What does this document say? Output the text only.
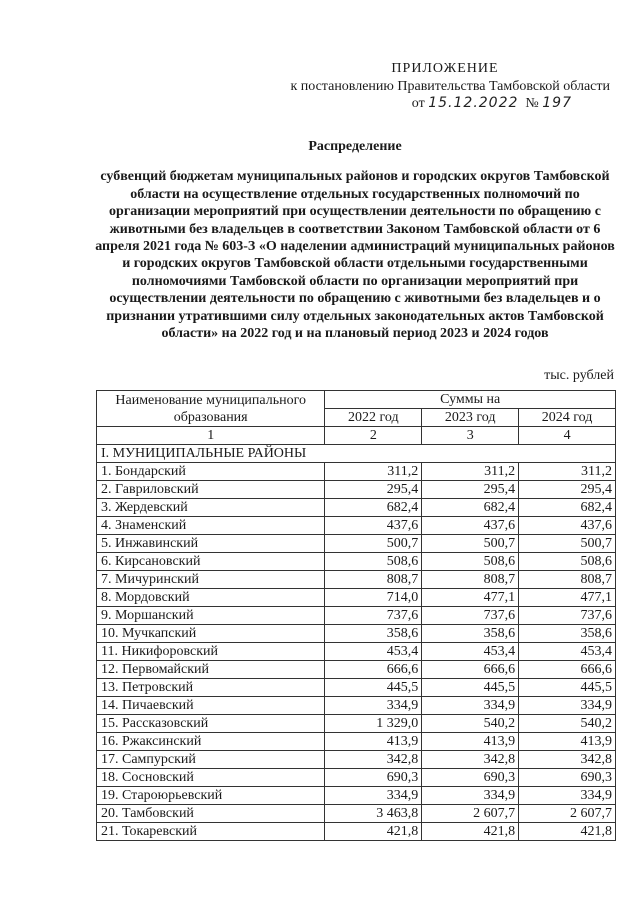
ПРИЛОЖЕНИЕ
к постановлению Правительства Тамбовской области
от 15.12.2022 № 197
Распределение
субвенций бюджетам муниципальных районов и городских округов Тамбовской области на осуществление отдельных государственных полномочий по организации мероприятий при осуществлении деятельности по обращению с животными без владельцев в соответствии Законом Тамбовской области от 6 апреля 2021 года № 603-З «О наделении администраций муниципальных районов и городских округов Тамбовской области отдельными государственными полномочиями Тамбовской области по организации мероприятий при осуществлении деятельности по обращению с животными без владельцев и о признании утратившими силу отдельных законодательных актов Тамбовской области» на 2022 год и на плановый период 2023 и 2024 годов
тыс. рублей
Наименование муниципального образования	Суммы на		
	2022 год	2023 год	2024 год
1	2	3	4
I. МУНИЦИПАЛЬНЫЕ РАЙОНЫ			
1. Бондарский	311,2	311,2	311,2
2. Гавриловский	295,4	295,4	295,4
3. Жердевский	682,4	682,4	682,4
4. Знаменский	437,6	437,6	437,6
5. Инжавинский	500,7	500,7	500,7
6. Кирсановский	508,6	508,6	508,6
7. Мичуринский	808,7	808,7	808,7
8. Мордовский	714,0	477,1	477,1
9. Моршанский	737,6	737,6	737,6
10. Мучкапский	358,6	358,6	358,6
11. Никифоровский	453,4	453,4	453,4
12. Первомайский	666,6	666,6	666,6
13. Петровский	445,5	445,5	445,5
14. Пичаевский	334,9	334,9	334,9
15. Рассказовский	1 329,0	540,2	540,2
16. Ржаксинский	413,9	413,9	413,9
17. Сампурский	342,8	342,8	342,8
18. Сосновский	690,3	690,3	690,3
19. Староюрьевский	334,9	334,9	334,9
20. Тамбовский	3 463,8	2 607,7	2 607,7
21. Токаревский	421,8	421,8	421,8
